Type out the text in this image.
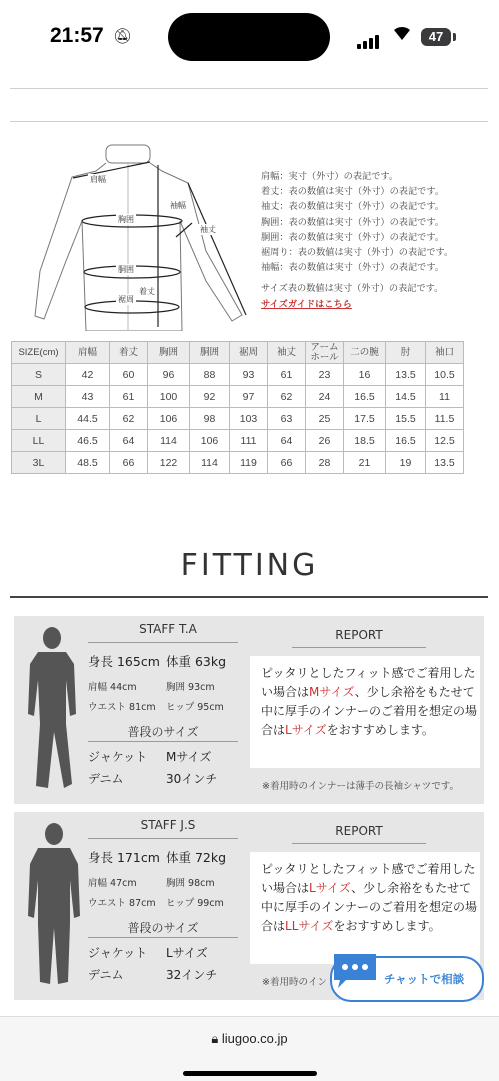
21:57 🔕︎	47
肩幅
胸囲
胴囲
裾周
着丈
袖幅
袖丈
肩幅：実寸（外寸）の表記です。
着丈：表の数値は実寸（外寸）の表記です。
袖丈：表の数値は実寸（外寸）の表記です。
胸囲：表の数値は実寸（外寸）の表記です。
胴囲：表の数値は実寸（外寸）の表記です。
裾周り：表の数値は実寸（外寸）の表記です。
袖幅：表の数値は実寸（外寸）の表記です。
サイズ表の数値は実寸（外寸）の表記です。
サイズガイドはこちら
SIZE(cm)	肩幅	着丈	胸囲	胴囲	裾周	袖丈	アーム ホール	二の腕	肘	袖口
S	42	60	96	88	93	61	23	16	13.5	10.5
M	43	61	100	92	97	62	24	16.5	14.5	11
L	44.5	62	106	98	103	63	25	17.5	15.5	11.5
LL	46.5	64	114	106	111	64	26	18.5	16.5	12.5
3L	48.5	66	122	114	119	66	28	21	19	13.5
FITTING
STAFF T.A
身長 165cm 体重 63kg
肩幅 44cm	胸囲 93cm
ウエスト 81cm ヒップ 95cm
普段のサイズ
ジャケット Mサイズ
デニム	30インチ
REPORT
ピッタリとしたフィット感でご着用したい場合はMサイズ、少し余裕をもたせて中に厚手のインナーのご着用を想定の場合はLサイズをおすすめします。
※着用時のインナーは薄手の長袖シャツです。
STAFF J.S
身長 171cm 体重 72kg
肩幅 47cm	胸囲 98cm
ウエスト 87cm ヒップ 99cm
普段のサイズ
ジャケット Lサイズ
デニム	32インチ
REPORT
ピッタリとしたフィット感でご着用したい場合はLサイズ、少し余裕をもたせて中に厚手のインナーのご着用を想定の場合はLLサイズをおすすめします。
※着用時のイン	チャットで相談
🔒︎ liugoo.co.jp
